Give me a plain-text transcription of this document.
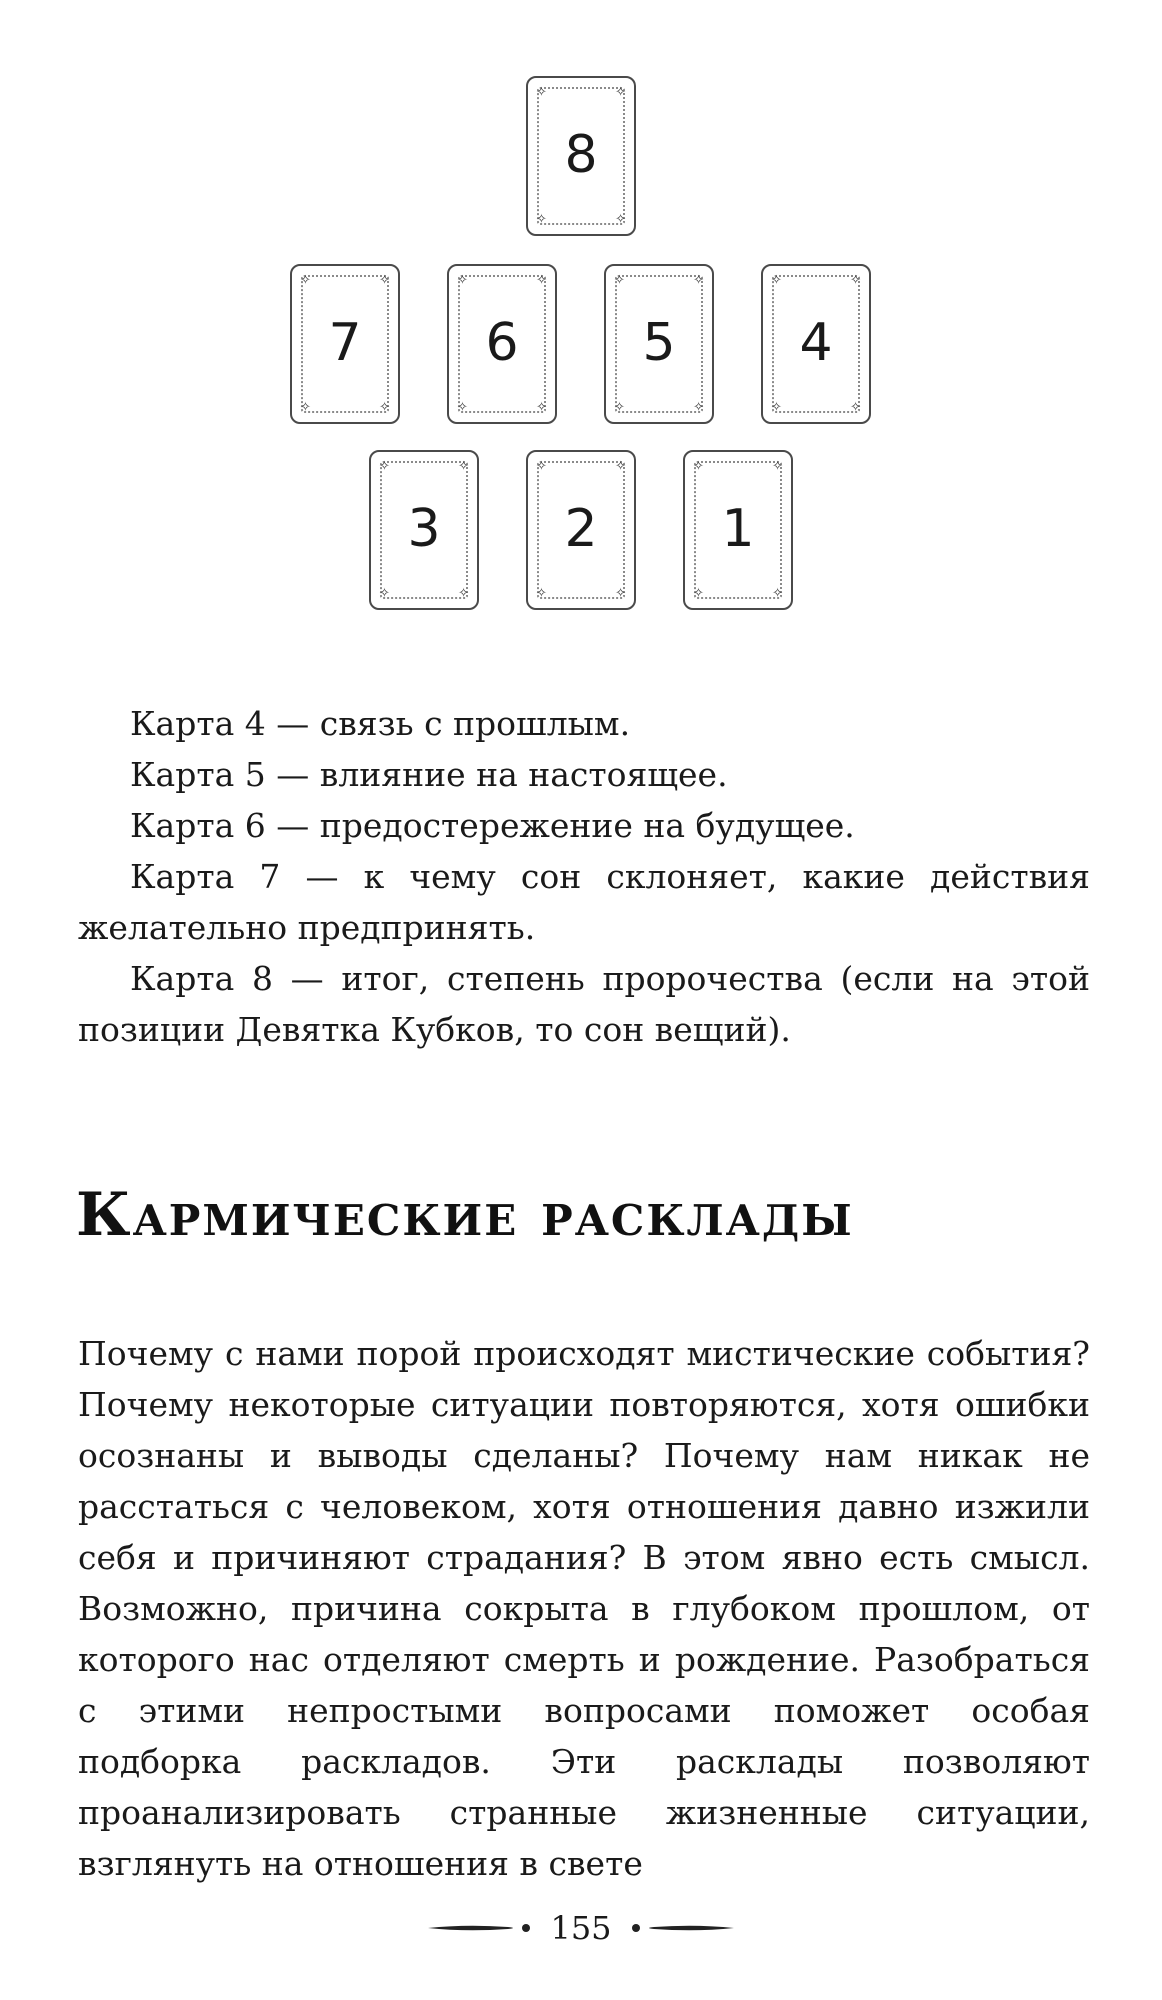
✧	✧
✧	✧
8
✧	✧
✧	✧
7
✧	✧
✧	✧
6
✧	✧
✧	✧
5
✧	✧
✧	✧
4
✧	✧
✧	✧
3
✧	✧
✧	✧
2
✧	✧
✧	✧
1

Карта 4 — связь с прошлым.

Карта 5 — влияние на настоящее.

Карта 6 — предостережение на будущее.

Карта 7 — к чему сон склоняет, какие действия желательно предпринять.

Карта 8 — итог, степень пророчества (если на этой позиции Девятка Кубков, то сон вещий).

Кармические расклады

Почему с нами порой происходят мистические события? Почему некоторые ситуации повторяются, хотя ошибки осознаны и выводы сделаны? Почему нам никак не расстаться с человеком, хотя отношения давно изжили себя и причиняют страдания? В этом явно есть смысл. Возможно, причина сокрыта в глубоком прошлом, от которого нас отделяют смерть и рождение. Разобраться с этими непростыми вопросами поможет особая подборка раскладов. Эти расклады позволяют проанализировать странные жизненные ситуации, взглянуть на отношения в свете

155
